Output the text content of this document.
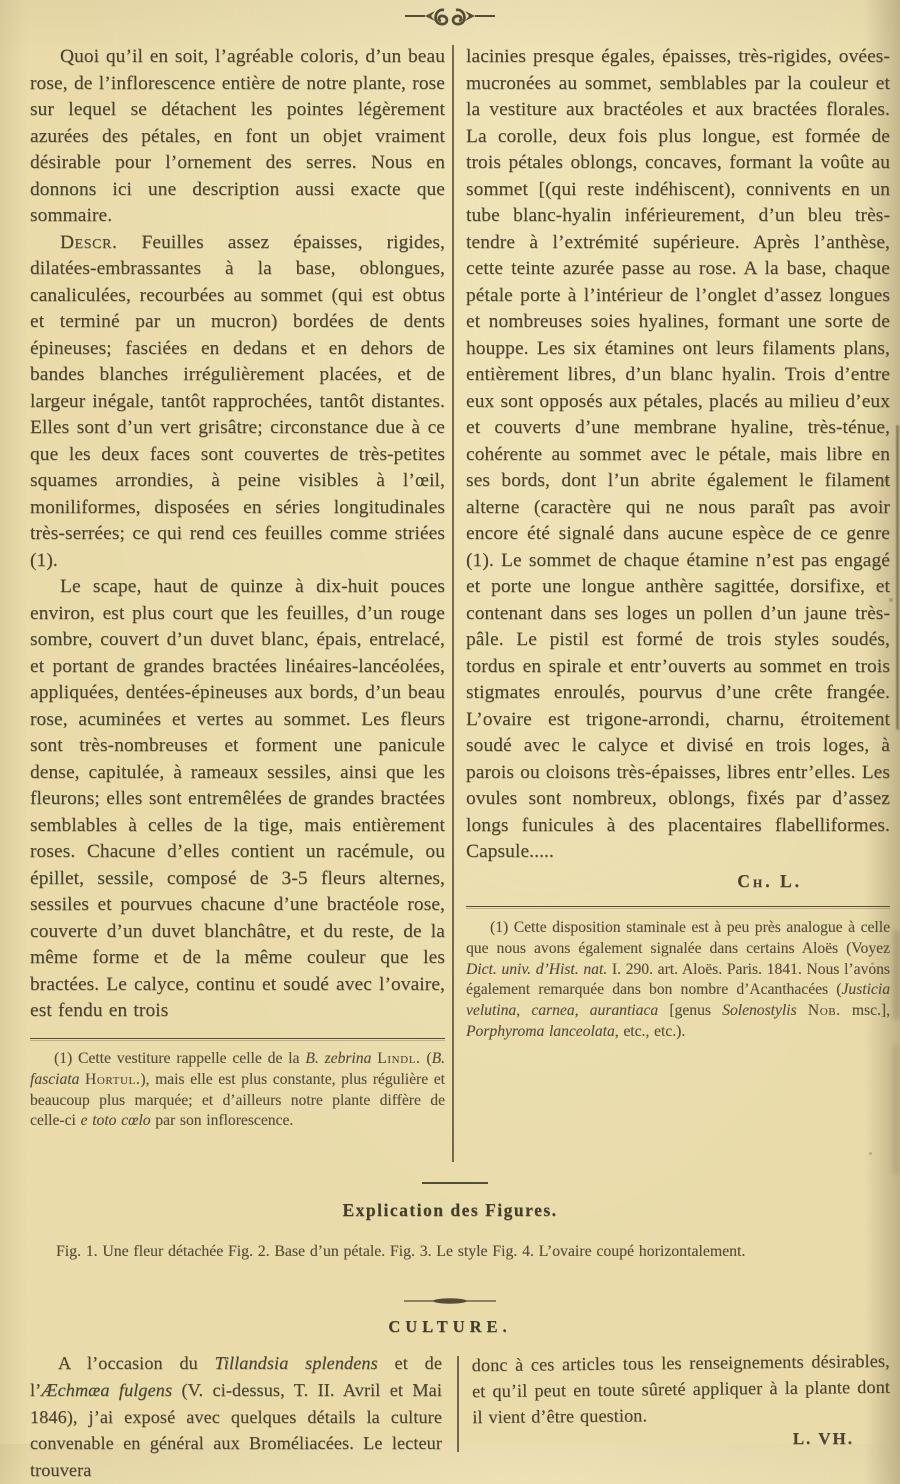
Quoi qu’il en soit, l’agréable coloris, d’un beau rose, de l’inflorescence entière de notre plante, rose sur lequel se détachent les pointes légèrement azurées des pétales, en font un objet vraiment désirable pour l’ornement des serres. Nous en donnons ici une description aussi exacte que sommaire.

Descr. Feuilles assez épaisses, rigides, dilatées-embrassantes à la base, oblongues, canaliculées, recourbées au sommet (qui est obtus et terminé par un mucron) bordées de dents épineuses; fasciées en dedans et en dehors de bandes blanches irrégulièrement placées, et de largeur inégale, tantôt rapprochées, tantôt distantes. Elles sont d’un vert grisâtre; circonstance due à ce que les deux faces sont couvertes de très-petites squames arrondies, à peine visibles à l’œil, moniliformes, disposées en séries longitudinales très-serrées; ce qui rend ces feuilles comme striées (1).

Le scape, haut de quinze à dix-huit pouces environ, est plus court que les feuilles, d’un rouge sombre, couvert d’un duvet blanc, épais, entrelacé, et portant de grandes bractées linéaires-lancéolées, appliquées, dentées-épineuses aux bords, d’un beau rose, acuminées et vertes au sommet. Les fleurs sont très-nombreuses et forment une panicule dense, capitulée, à rameaux sessiles, ainsi que les fleurons; elles sont entremêlées de grandes bractées semblables à celles de la tige, mais entièrement roses. Chacune d’elles contient un racémule, ou épillet, sessile, composé de 3-5 fleurs alternes, sessiles et pourvues chacune d’une bractéole rose, couverte d’un duvet blanchâtre, et du reste, de la même forme et de la même couleur que les bractées. Le calyce, continu et soudé avec l’ovaire, est fendu en trois

(1) Cette vestiture rappelle celle de la B. zebrina Lindl. (B. fasciata Hortul.), mais elle est plus constante, plus régulière et beaucoup plus marquée; et d’ailleurs notre plante diffère de celle-ci e toto cœlo par son inflorescence.

lacinies presque égales, épaisses, très-rigides, ovées-mucronées au sommet, semblables par la couleur et la vestiture aux bractéoles et aux bractées florales. La corolle, deux fois plus longue, est formée de trois pétales oblongs, concaves, formant la voûte au sommet [(qui reste indéhiscent), connivents en un tube blanc-hyalin inférieurement, d’un bleu très-tendre à l’extrémité supérieure. Après l’anthèse, cette teinte azurée passe au rose. A la base, chaque pétale porte à l’intérieur de l’onglet d’assez longues et nombreuses soies hyalines, formant une sorte de houppe. Les six étamines ont leurs filaments plans, entièrement libres, d’un blanc hyalin. Trois d’entre eux sont opposés aux pétales, placés au milieu d’eux et couverts d’une membrane hyaline, très-ténue, cohérente au sommet avec le pétale, mais libre en ses bords, dont l’un abrite également le filament alterne (caractère qui ne nous paraît pas avoir encore été signalé dans aucune espèce de ce genre (1). Le sommet de chaque étamine n’est pas engagé et porte une longue anthère sagittée, dorsifixe, et contenant dans ses loges un pollen d’un jaune très-pâle. Le pistil est formé de trois styles soudés, tordus en spirale et entr’ouverts au sommet en trois stigmates enroulés, pourvus d’une crête frangée. L’ovaire est trigone-arrondi, charnu, étroitement soudé avec le calyce et divisé en trois loges, à parois ou cloisons très-épaisses, libres entr’elles. Les ovules sont nombreux, oblongs, fixés par d’assez longs funicules à des placentaires flabelliformes. Capsule.....

Ch. L.

(1) Cette disposition staminale est à peu près analogue à celle que nous avons également signalée dans certains Aloës (Voyez Dict. univ. d’Hist. nat. I. 290. art. Aloës. Paris. 1841. Nous l’avons également remarquée dans bon nombre d’Acanthacées (Justicia velutina, carnea, aurantiaca [genus Solenostylis Nob. msc.], Porphyroma lanceolata, etc., etc.).

Explication des Figures.

Fig. 1. Une fleur détachée Fig. 2. Base d’un pétale. Fig. 3. Le style Fig. 4. L’ovaire coupé horizontalement.

CULTURE.

A l’occasion du Tillandsia splendens et de l’Æchmæa fulgens (V. ci-dessus, T. II. Avril et Mai 1846), j’ai exposé avec quelques détails la culture convenable en général aux Broméliacées. Le lecteur trouvera

donc à ces articles tous les renseignements désirables, et qu’il peut en toute sûreté appliquer à la plante dont il vient d’être question.

L. VH.
